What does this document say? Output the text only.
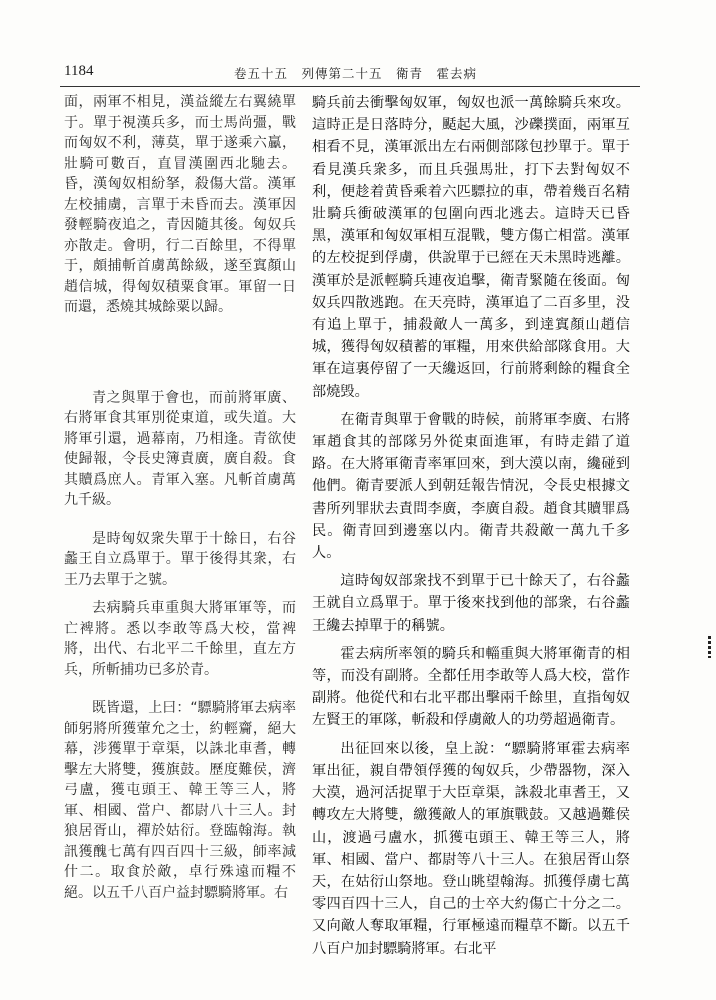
1184	卷五十五　列傳第二十五　衛青　霍去病

面，兩軍不相見，漢益縱左右翼繞單于。單于視漢兵多，而士馬尚彊，戰而匈奴不利，薄莫，單于遂乘六驘，壯騎可數百，直冒漢圍西北馳去。昏，漢匈奴相紛拏，殺傷大當。漢軍左校捕虜，言單于未昏而去。漢軍因發輕騎夜追之，青因隨其後。匈奴兵亦散走。會明，行二百餘里，不得單于，頗捕斬首虜萬餘級，遂至窴顏山趙信城，得匈奴積粟食軍。軍留一日而還，悉燒其城餘粟以歸。

青之與單于會也，而前將軍廣、右將軍食其軍別從東道，或失道。大將軍引還，過幕南，乃相逢。青欲使使歸報，令長史簿責廣，廣自殺。食其贖爲庶人。青軍入塞。凡斬首虜萬九千級。

是時匈奴衆失單于十餘日，右谷蠡王自立爲單于。單于後得其衆，右王乃去單于之號。

去病騎兵車重與大將軍軍等，而亡裨將。悉以李敢等爲大校，當裨將，出代、右北平二千餘里，直左方兵，所斬捕功已多於青。

既皆還，上曰：“驃騎將軍去病率師躬將所獲葷允之士，約輕齎，絕大幕，涉獲單于章渠，以誅北車耆，轉擊左大將雙，獲旗鼓。歷度難侯，濟弓盧，獲屯頭王、韓王等三人，將軍、相國、當户、都尉八十三人。封狼居胥山，禪於姑衍。登臨翰海。執訊獲醜七萬有四百四十三級，師率減什二。取食於敵，卓行殊遠而糧不絕。以五千八百户益封驃騎將軍。右

騎兵前去衝擊匈奴軍，匈奴也派一萬餘騎兵來攻。這時正是日落時分，颳起大風，沙礫撲面，兩軍互相看不見，漢軍派出左右兩側部隊包抄單于。單于看見漢兵衆多，而且兵强馬壯，打下去對匈奴不利，便趁着黄昏乘着六匹驃拉的車，帶着幾百名精壯騎兵衝破漢軍的包圍向西北逃去。這時天已昏黑，漢軍和匈奴軍相互混戰，雙方傷亡相當。漢軍的左校捉到俘虜，供說單于已經在天未黑時逃離。漢軍於是派輕騎兵連夜追擊，衛青緊隨在後面。匈奴兵四散逃跑。在天亮時，漢軍追了二百多里，没有追上單于，捕殺敵人一萬多，到達窴顏山趙信城，獲得匈奴積蓄的軍糧，用來供給部隊食用。大軍在這裏停留了一天纔返回，行前將剩餘的糧食全部燒毁。

在衛青與單于會戰的時候，前將軍李廣、右將軍趙食其的部隊另外從東面進軍，有時走錯了道路。在大將軍衛青率軍回來，到大漠以南，纔碰到他們。衛青要派人到朝廷報告情況，令長史根據文書所列罪狀去責問李廣，李廣自殺。趙食其贖罪爲民。衛青回到邊塞以内。衛青共殺敵一萬九千多人。

這時匈奴部衆找不到單于已十餘天了，右谷蠡王就自立爲單于。單于後來找到他的部衆，右谷蠡王纔去掉單于的稱號。

霍去病所率領的騎兵和輜重與大將軍衛青的相等，而没有副將。全都任用李敢等人爲大校，當作副將。他從代和右北平郡出擊兩千餘里，直指匈奴左賢王的軍隊，斬殺和俘虜敵人的功勞超過衛青。

出征回來以後，皇上說：“驃騎將軍霍去病率軍出征，親自帶領俘獲的匈奴兵，少帶器物，深入大漠，過河活捉單于大臣章渠，誅殺北車耆王，又轉攻左大將雙，繳獲敵人的軍旗戰鼓。又越過難侯山，渡過弓盧水，抓獲屯頭王、韓王等三人，將軍、相國、當户、都尉等八十三人。在狼居胥山祭天，在姑衍山祭地。登山眺望翰海。抓獲俘虜七萬零四百四十三人，自己的士卒大約傷亡十分之二。又向敵人奪取軍糧，行軍極遠而糧草不斷。以五千八百户加封驃騎將軍。右北平
